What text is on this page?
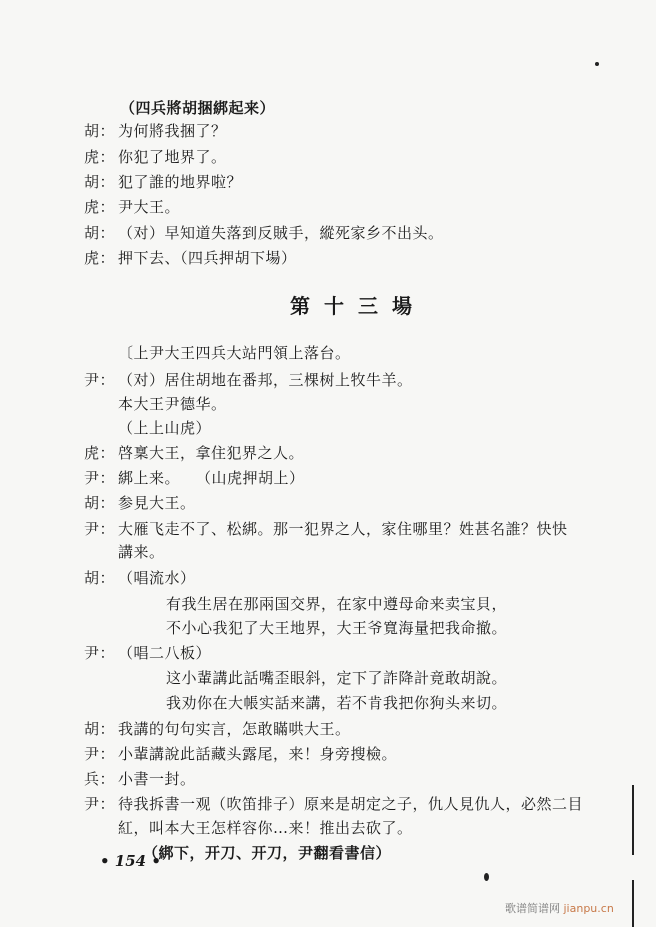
（四兵將胡捆綁起来）
胡： 为何將我捆了？
虎： 你犯了地界了。
胡： 犯了誰的地界啦？
虎： 尹大王。
胡： （对）早知道失落到反賊手，縱死家乡不出头。
虎： 押下去、（四兵押胡下場）
〔上尹大王四兵大站門領上落台。
尹： （对）居住胡地在番邦，三棵树上牧牛羊。
本大王尹德华。
（上上山虎）
虎： 啓稟大王，拿住犯界之人。
尹： 綁上来。　　（山虎押胡上）
胡： 参見大王。
尹： 大雁飞走不了、松綁。那一犯界之人，家住哪里？姓甚名誰？快快
講来。
胡： （唱流水）
有我生居在那兩国交界，在家中遵母命来卖宝貝，
不小心我犯了大王地界，大王爷寬海量把我命撤。
尹： （唱二八板）
这小輩講此話嘴歪眼斜，定下了詐降計竟敢胡說。
我劝你在大帳实話来講，若不肯我把你狗头来切。
胡： 我講的句句实言，怎敢瞞哄大王。
尹： 小輩講說此話藏头露尾，来！身旁搜檢。
兵： 小書一封。
尹： 待我拆書一观（吹笛排子）原来是胡定之子，仇人見仇人，必然二目
紅，叫本大王怎样容你…来！推出去砍了。
（綁下，开刀、开刀，尹翻看書信）
第十三場
• 154 •
歌谱简谱网 jianpu.cn
